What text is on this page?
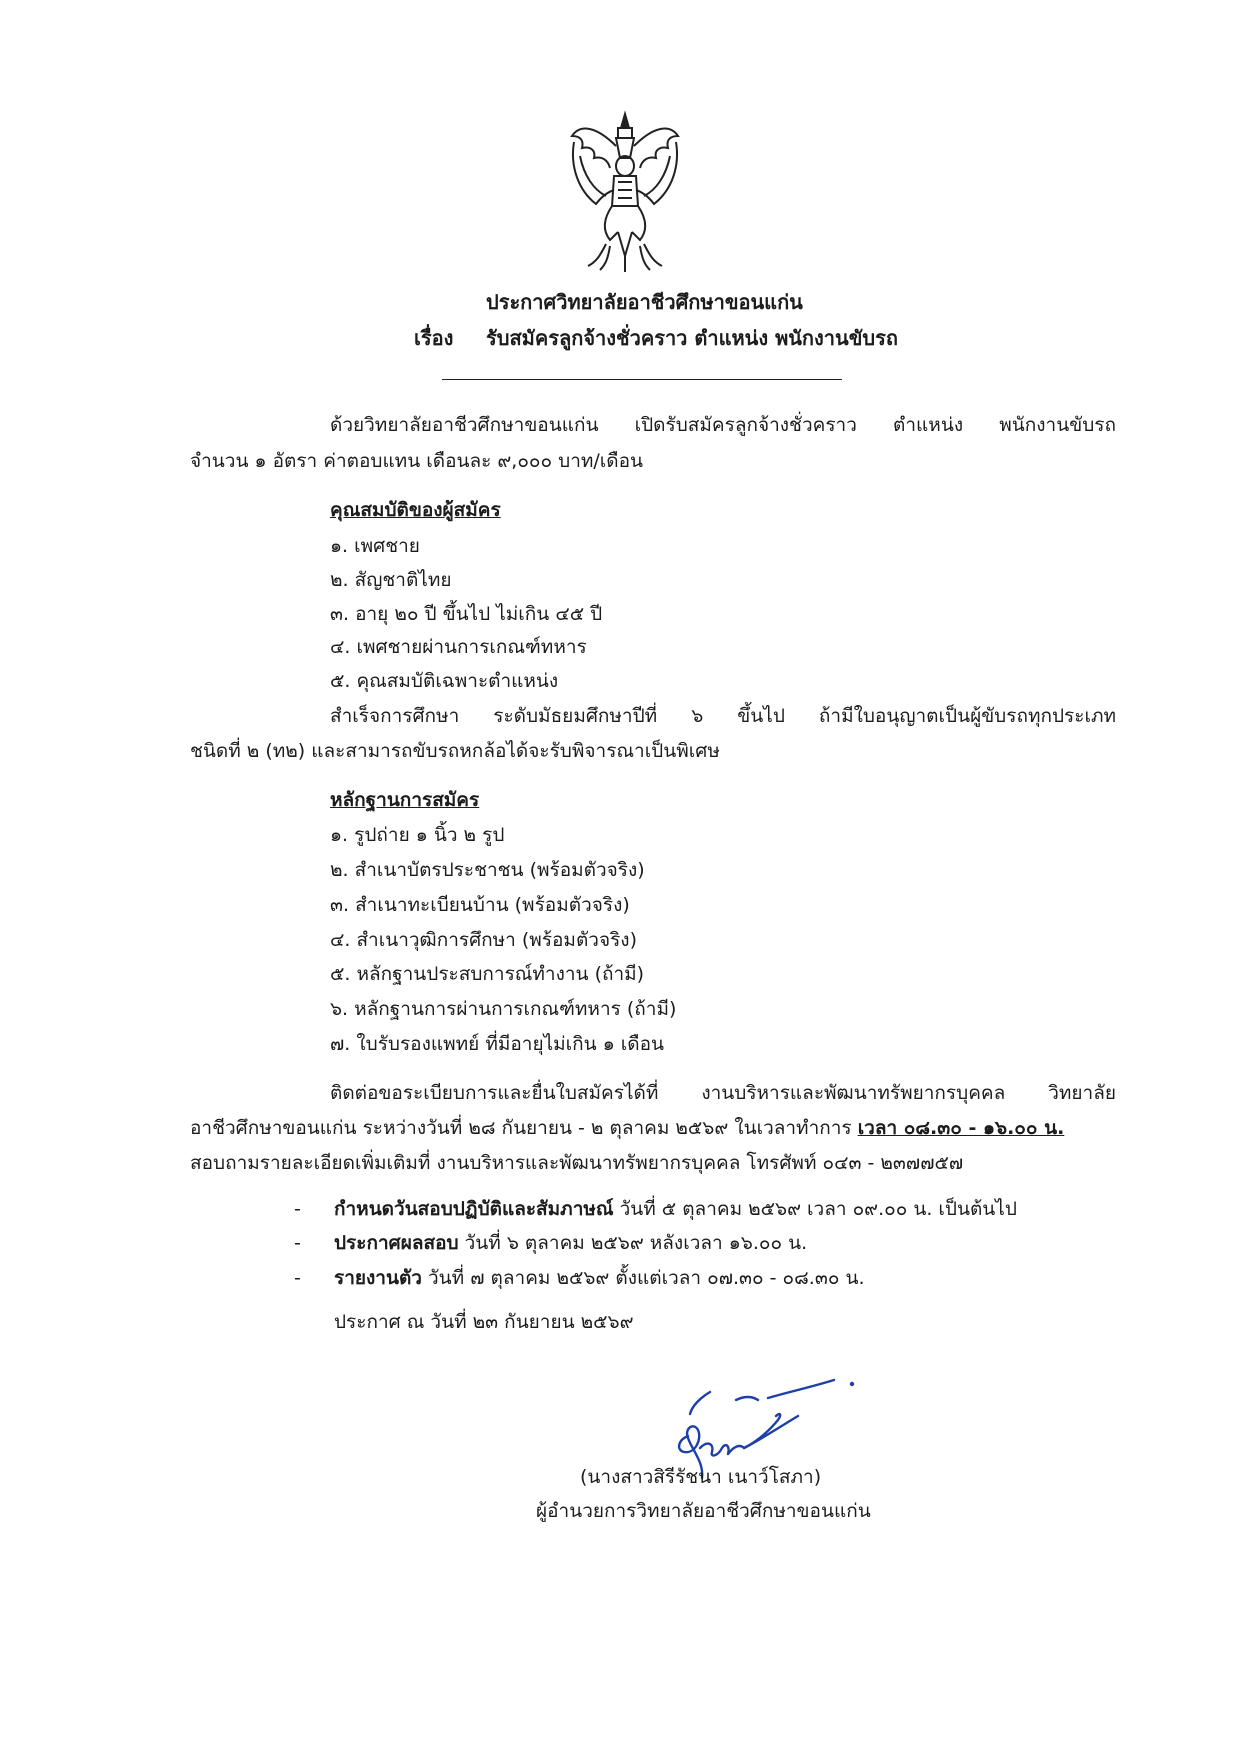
ประกาศวิทยาลัยอาชีวศึกษาขอนแก่น
เรื่อง รับสมัครลูกจ้างชั่วคราว ตำแหน่ง พนักงานขับรถ
ด้วยวิทยาลัยอาชีวศึกษาขอนแก่น เปิดรับสมัครลูกจ้างชั่วคราว ตำแหน่ง พนักงานขับรถ
จำนวน ๑ อัตรา ค่าตอบแทน เดือนละ ๙,๐๐๐ บาท/เดือน
คุณสมบัติของผู้สมัคร
๑. เพศชาย
๒. สัญชาติไทย
๓. อายุ ๒๐ ปี ขึ้นไป ไม่เกิน ๔๕ ปี
๔. เพศชายผ่านการเกณฑ์ทหาร
๕. คุณสมบัติเฉพาะตำแหน่ง
สำเร็จการศึกษา ระดับมัธยมศึกษาปีที่ ๖ ขึ้นไป ถ้ามีใบอนุญาตเป็นผู้ขับรถทุกประเภท
ชนิดที่ ๒ (ท๒) และสามารถขับรถหกล้อได้จะรับพิจารณาเป็นพิเศษ
หลักฐานการสมัคร
๑. รูปถ่าย ๑ นิ้ว ๒ รูป
๒. สำเนาบัตรประชาชน (พร้อมตัวจริง)
๓. สำเนาทะเบียนบ้าน (พร้อมตัวจริง)
๔. สำเนาวุฒิการศึกษา (พร้อมตัวจริง)
๕. หลักฐานประสบการณ์ทำงาน (ถ้ามี)
๖. หลักฐานการผ่านการเกณฑ์ทหาร (ถ้ามี)
๗. ใบรับรองแพทย์ ที่มีอายุไม่เกิน ๑ เดือน
ติดต่อขอระเบียบการและยื่นใบสมัครได้ที่ งานบริหารและพัฒนาทรัพยากรบุคคล วิทยาลัย
อาชีวศึกษาขอนแก่น ระหว่างวันที่ ๒๘ กันยายน - ๒ ตุลาคม ๒๕๖๙ ในเวลาทำการ เวลา ๐๘.๓๐ - ๑๖.๐๐ น.
สอบถามรายละเอียดเพิ่มเติมที่ งานบริหารและพัฒนาทรัพยากรบุคคล โทรศัพท์ ๐๔๓ - ๒๓๗๗๕๗
- กำหนดวันสอบปฏิบัติและสัมภาษณ์ วันที่ ๕ ตุลาคม ๒๕๖๙ เวลา ๐๙.๐๐ น. เป็นต้นไป
- ประกาศผลสอบ วันที่ ๖ ตุลาคม ๒๕๖๙ หลังเวลา ๑๖.๐๐ น.
- รายงานตัว วันที่ ๗ ตุลาคม ๒๕๖๙ ตั้งแต่เวลา ๐๗.๓๐ - ๐๘.๓๐ น.
ประกาศ ณ วันที่ ๒๓ กันยายน ๒๕๖๙
(นางสาวสิรีรัชนา เนาว์โสภา)
ผู้อำนวยการวิทยาลัยอาชีวศึกษาขอนแก่น
